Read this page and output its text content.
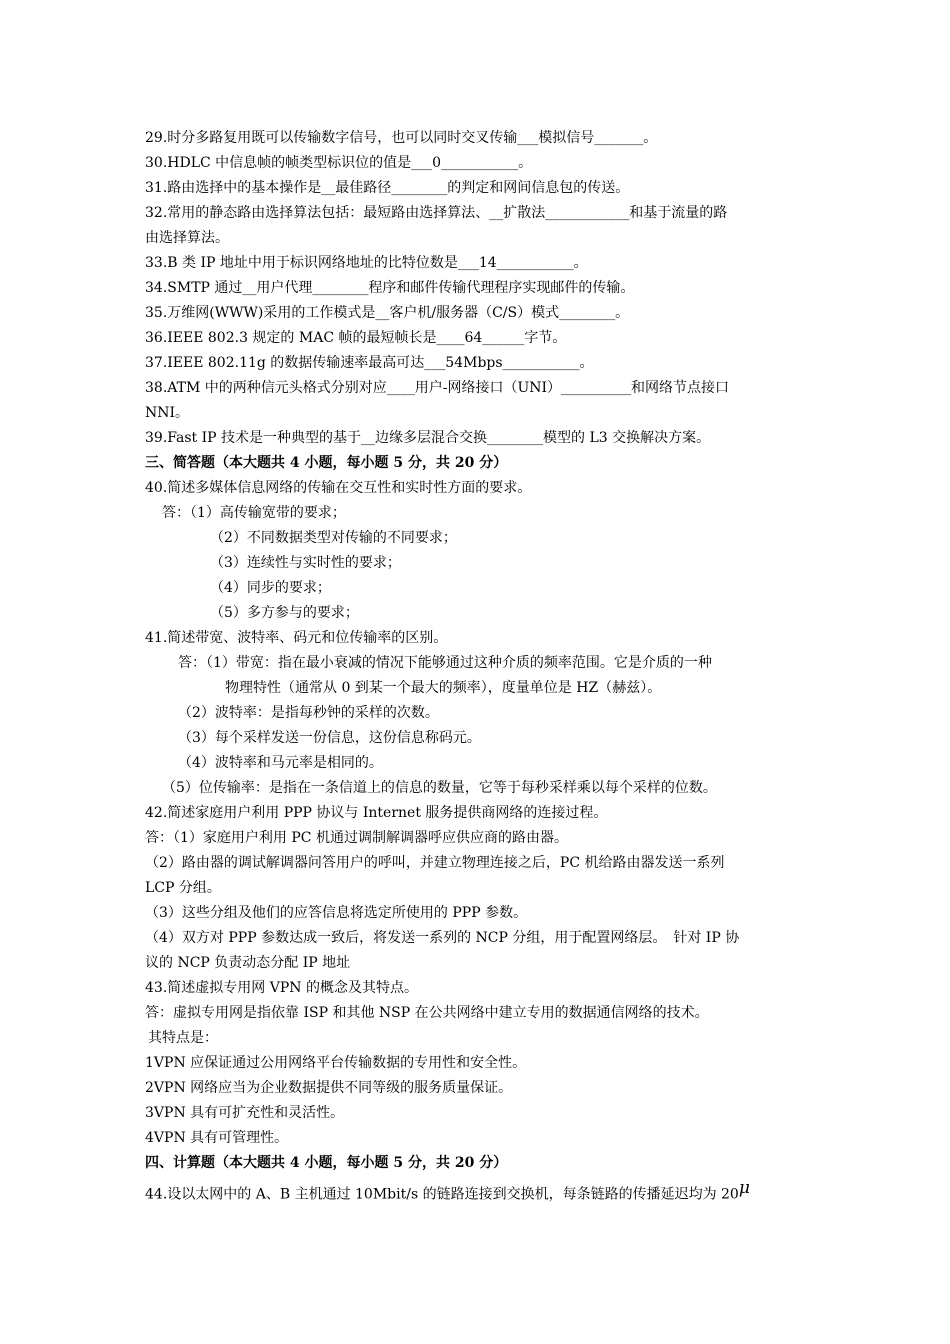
29.时分多路复用既可以传输数字信号，也可以同时交叉传输___模拟信号_______。
30.HDLC 中信息帧的帧类型标识位的值是___0___________。
31.路由选择中的基本操作是__最佳路径________的判定和网间信息包的传送。
32.常用的静态路由选择算法包括：最短路由选择算法、__扩散法____________和基于流量的路
由选择算法。
33.B 类 IP 地址中用于标识网络地址的比特位数是___14___________。
34.SMTP 通过__用户代理________程序和邮件传输代理程序实现邮件的传输。
35.万维网(WWW)采用的工作模式是__客户机/服务器（C/S）模式________。
36.IEEE 802.3 规定的 MAC 帧的最短帧长是____64______字节。
37.IEEE 802.11g 的数据传输速率最高可达___54Mbps___________。
38.ATM 中的两种信元头格式分别对应____用户-网络接口（UNI）__________和网络节点接口
NNI。
39.Fast IP 技术是一种典型的基于__边缘多层混合交换________模型的 L3 交换解决方案。
三、简答题（本大题共 4 小题，每小题 5 分，共 20 分）
40.简述多媒体信息网络的传输在交互性和实时性方面的要求。
答：（1）高传输宽带的要求；
（2）不同数据类型对传输的不同要求；
（3）连续性与实时性的要求；
（4）同步的要求；
（5）多方参与的要求；
41.简述带宽、波特率、码元和位传输率的区别。
答：（1）带宽：指在最小衰减的情况下能够通过这种介质的频率范围。它是介质的一种
物理特性（通常从 0 到某一个最大的频率），度量单位是 HZ（赫兹）。
（2）波特率：是指每秒钟的采样的次数。
（3）每个采样发送一份信息，这份信息称码元。
（4）波特率和马元率是相同的。
（5）位传输率：是指在一条信道上的信息的数量，它等于每秒采样乘以每个采样的位数。
42.简述家庭用户利用 PPP 协议与 Internet 服务提供商网络的连接过程。
答：（1）家庭用户利用 PC 机通过调制解调器呼应供应商的路由器。
（2）路由器的调试解调器问答用户的呼叫，并建立物理连接之后，PC 机给路由器发送一系列
LCP 分组。
（3）这些分组及他们的应答信息将选定所使用的 PPP 参数。
（4）双方对 PPP 参数达成一致后，将发送一系列的 NCP 分组，用于配置网络层。　针对 IP 协
议的 NCP 负责动态分配 IP 地址
43.简述虚拟专用网 VPN 的概念及其特点。
答：虚拟专用网是指依靠 ISP 和其他 NSP 在公共网络中建立专用的数据通信网络的技术。
其特点是：
1VPN 应保证通过公用网络平台传输数据的专用性和安全性。
2VPN 网络应当为企业数据提供不同等级的服务质量保证。
3VPN 具有可扩充性和灵活性。
4VPN 具有可管理性。
四、计算题（本大题共 4 小题，每小题 5 分，共 20 分）
44.设以太网中的 A、B 主机通过 10Mbit/s 的链路连接到交换机，每条链路的传播延迟均为 $20^\mu$
